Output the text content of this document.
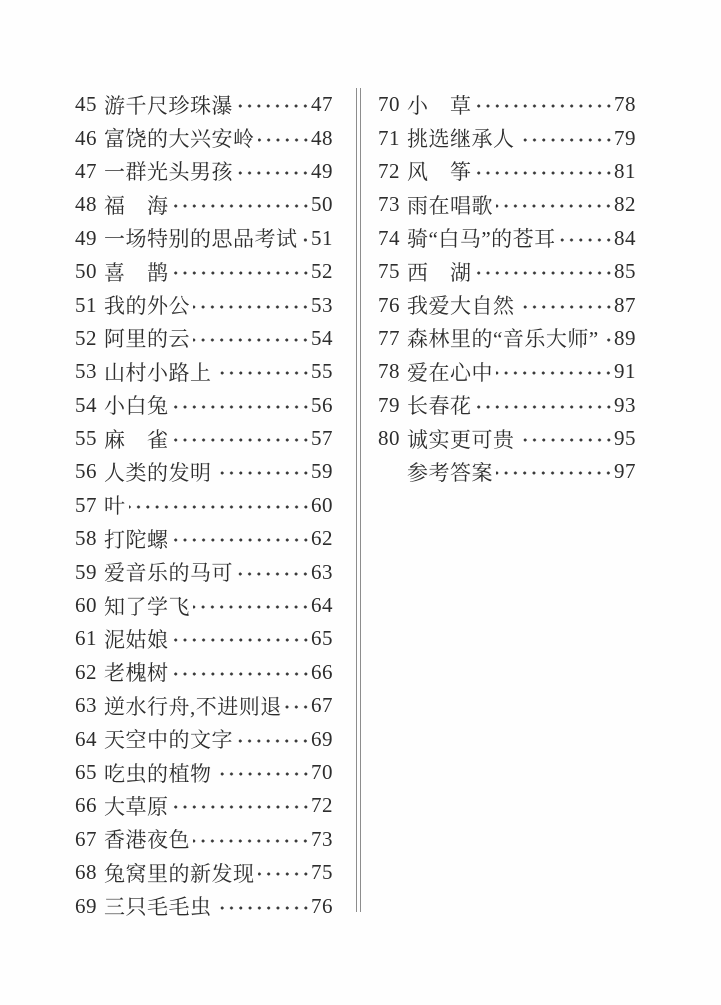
45 游千尺珍珠瀑	47
46 富饶的大兴安岭	48
47 一群光头男孩	49
48 福　海	50
49 一场特别的思品考试 51
50 喜　鹊	52
51 我的外公	53
52 阿里的云	54
53 山村小路上	55
54 小白兔	56
55 麻　雀	57
56 人类的发明	59
57 叶	60
58 打陀螺	62
59 爱音乐的马可	63
60 知了学飞	64
61 泥姑娘	65
62 老槐树	66
63 逆水行舟,不进则退 67
64 天空中的文字	69
65 吃虫的植物	70
66 大草原	72
67 香港夜色	73
68 兔窝里的新发现	75
69 三只毛毛虫	76
70 小　草	78
71 挑选继承人	79
72 风　筝	81
73 雨在唱歌	82
74 骑“白马”的苍耳	84
75 西　湖	85
76 我爱大自然	87
77 森林里的“音乐大师” 89
78 爱在心中	91
79 长春花	93
80 诚实更可贵	95
参考答案	97
